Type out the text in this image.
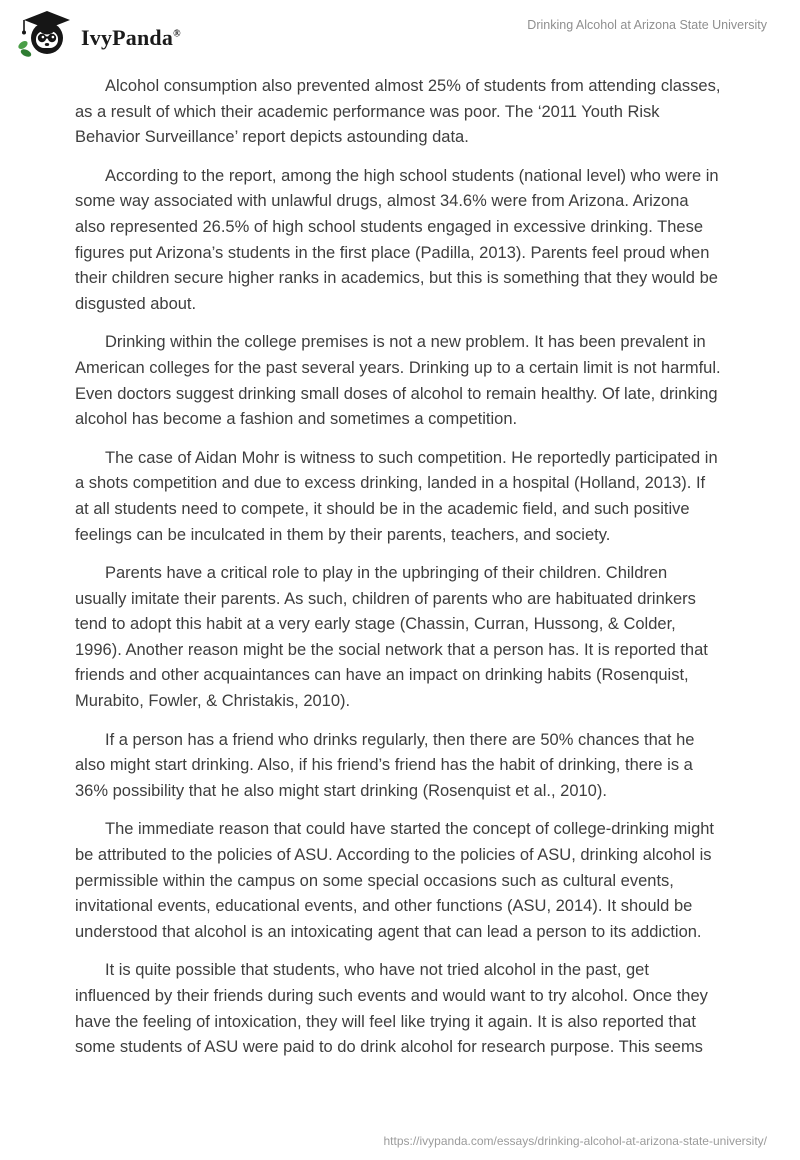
IvyPanda®
Drinking Alcohol at Arizona State University

Alcohol consumption also prevented almost 25% of students from attending classes, as a result of which their academic performance was poor. The ‘2011 Youth Risk Behavior Surveillance’ report depicts astounding data.

According to the report, among the high school students (national level) who were in some way associated with unlawful drugs, almost 34.6% were from Arizona. Arizona also represented 26.5% of high school students engaged in excessive drinking. These figures put Arizona’s students in the first place (Padilla, 2013). Parents feel proud when their children secure higher ranks in academics, but this is something that they would be disgusted about.

Drinking within the college premises is not a new problem. It has been prevalent in American colleges for the past several years. Drinking up to a certain limit is not harmful. Even doctors suggest drinking small doses of alcohol to remain healthy. Of late, drinking alcohol has become a fashion and sometimes a competition.

The case of Aidan Mohr is witness to such competition. He reportedly participated in a shots competition and due to excess drinking, landed in a hospital (Holland, 2013). If at all students need to compete, it should be in the academic field, and such positive feelings can be inculcated in them by their parents, teachers, and society.

Parents have a critical role to play in the upbringing of their children. Children usually imitate their parents. As such, children of parents who are habituated drinkers tend to adopt this habit at a very early stage (Chassin, Curran, Hussong, & Colder, 1996). Another reason might be the social network that a person has. It is reported that friends and other acquaintances can have an impact on drinking habits (Rosenquist, Murabito, Fowler, & Christakis, 2010).

If a person has a friend who drinks regularly, then there are 50% chances that he also might start drinking. Also, if his friend’s friend has the habit of drinking, there is a 36% possibility that he also might start drinking (Rosenquist et al., 2010).

The immediate reason that could have started the concept of college-drinking might be attributed to the policies of ASU. According to the policies of ASU, drinking alcohol is permissible within the campus on some special occasions such as cultural events, invitational events, educational events, and other functions (ASU, 2014). It should be understood that alcohol is an intoxicating agent that can lead a person to its addiction.

It is quite possible that students, who have not tried alcohol in the past, get influenced by their friends during such events and would want to try alcohol. Once they have the feeling of intoxication, they will feel like trying it again. It is also reported that some students of ASU were paid to do drink alcohol for research purpose. This seems

https://ivypanda.com/essays/drinking-alcohol-at-arizona-state-university/
